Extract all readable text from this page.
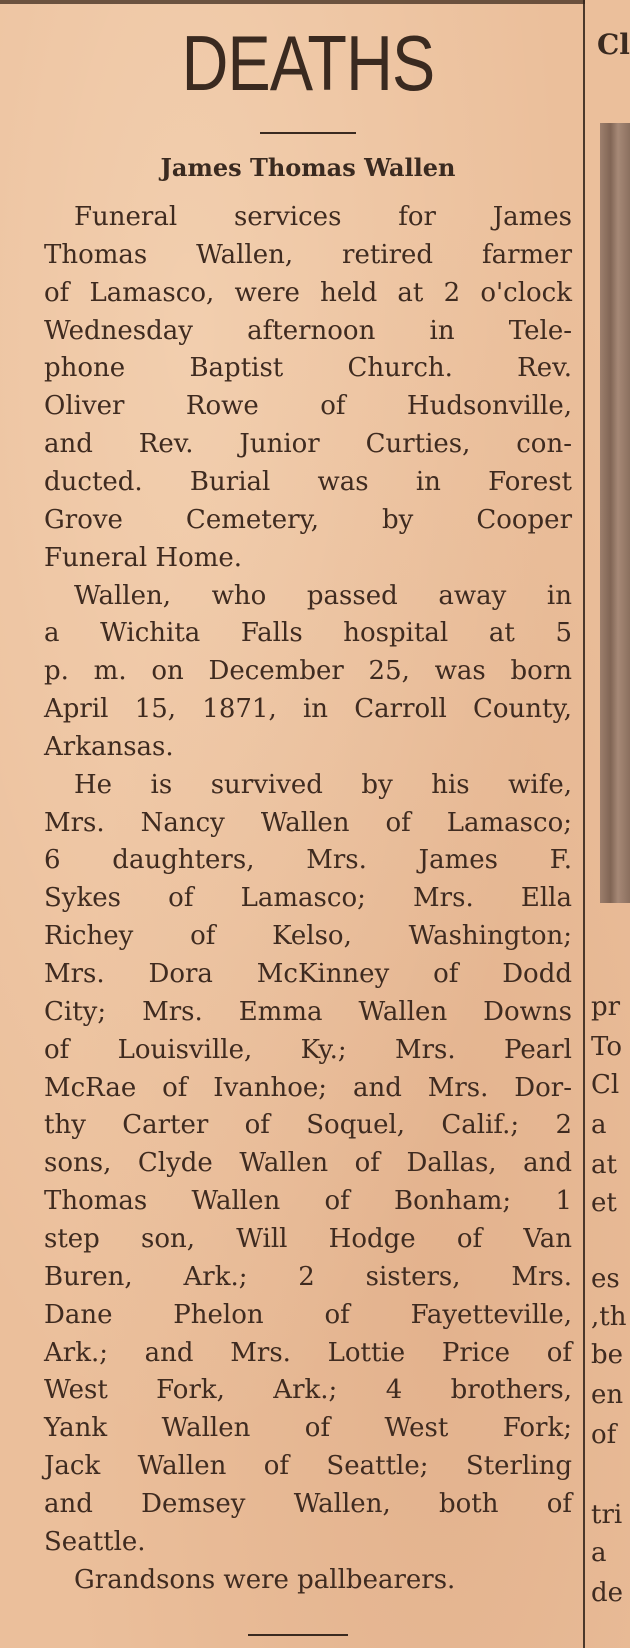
DEATHS
James Thomas Wallen
Funeral services for James
Thomas Wallen, retired farmer
of Lamasco, were held at 2 o'clock
Wednesday afternoon in Tele-
phone Baptist Church. Rev.
Oliver Rowe of Hudsonville,
and Rev. Junior Curties, con-
ducted. Burial was in Forest
Grove Cemetery, by Cooper
Funeral Home.
Wallen, who passed away in
a Wichita Falls hospital at 5
p. m. on December 25, was born
April 15, 1871, in Carroll County,
Arkansas.
He is survived by his wife,
Mrs. Nancy Wallen of Lamasco;
6 daughters, Mrs. James F.
Sykes of Lamasco; Mrs. Ella
Richey of Kelso, Washington;
Mrs. Dora McKinney of Dodd
City; Mrs. Emma Wallen Downs
of Louisville, Ky.; Mrs. Pearl
McRae of Ivanhoe; and Mrs. Dor-
thy Carter of Soquel, Calif.; 2
sons, Clyde Wallen of Dallas, and
Thomas Wallen of Bonham; 1
step son, Will Hodge of Van
Buren, Ark.; 2 sisters, Mrs.
Dane Phelon of Fayetteville,
Ark.; and Mrs. Lottie Price of
West Fork, Ark.; 4 brothers,
Yank Wallen of West Fork;
Jack Wallen of Seattle; Sterling
and Demsey Wallen, both of
Seattle.
Grandsons were pallbearers.
Cl
pr
To
Cl
a
at
et
es
,th
be
en
of
tri
a
de
